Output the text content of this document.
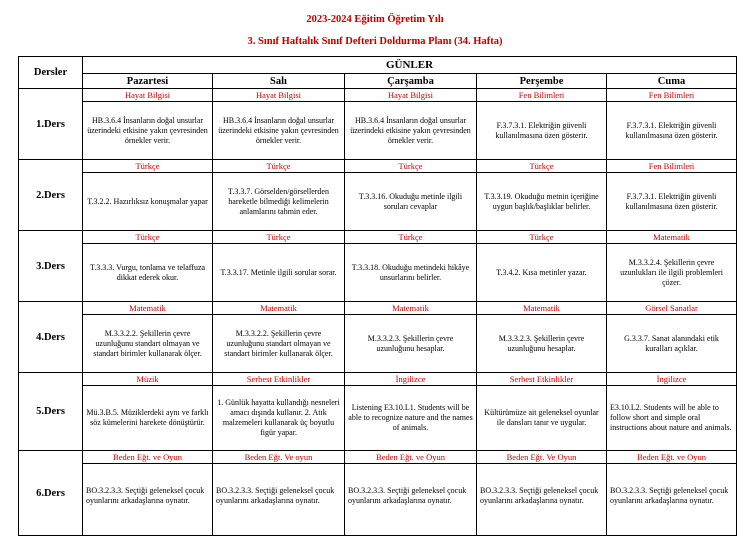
2023-2024 Eğitim Öğretim Yılı
3. Sınıf Haftalık Sınıf Defteri Doldurma Planı (34. Hafta)
Dersler	GÜNLER				
	Pazartesi	Salı	Çarşamba	Perşembe	Cuma
1.Ders	Hayat Bilgisi	Hayat Bilgisi	Hayat Bilgisi	Fen Bilimleri	Fen Bilimleri
	HB.3.6.4 İnsanların doğal unsurlar üzerindeki etkisine yakın çevresinden örnekler verir.	HB.3.6.4 İnsanların doğal unsurlar üzerindeki etkisine yakın çevresinden örnekler verir.	HB.3.6.4 İnsanların doğal unsurlar üzerindeki etkisine yakın çevresinden örnekler verir.	F.3.7.3.1. Elektriğin güvenli kullanılmasına özen gösterir.	F.3.7.3.1. Elektriğin güvenli kullanılmasına özen gösterir.
2.Ders	Türkçe	Türkçe	Türkçe	Türkçe	Fen Bilimleri
	T.3.2.2. Hazırlıksız konuşmalar yapar	T.3.3.7. Görselden/görsellerden hareketle bilmediği kelimelerin anlamlarını tahmin eder.	T.3.3.16. Okuduğu metinle ilgili soruları cevaplar	T.3.3.19. Okuduğu metnin içeriğine uygun başlık/başlıklar belirler.	F.3.7.3.1. Elektriğin güvenli kullanılmasına özen gösterir.
3.Ders	Türkçe	Türkçe	Türkçe	Türkçe	Matematik
	T.3.3.3. Vurgu, tonlama ve telaffuza dikkat ederek okur.	T.3.3.17. Metinle ilgili sorular sorar.	T.3.3.18. Okuduğu metindeki hikâye unsurlarını belirler.	T.3.4.2. Kısa metinler yazar.	M.3.3.2.4. Şekillerin çevre uzunlukları ile ilgili problemleri çözer.
4.Ders	Matematik	Matematik	Matematik	Matematik	Görsel Sanatlar
	M.3.3.2.2. Şekillerin çevre uzunluğunu standart olmayan ve standart birimler kullanarak ölçer.	M.3.3.2.2. Şekillerin çevre uzunluğunu standart olmayan ve standart birimler kullanarak ölçer.	M.3.3.2.3. Şekillerin çevre uzunluğunu hesaplar.	M.3.3.2.3. Şekillerin çevre uzunluğunu hesaplar.	G.3.3.7. Sanat alanındaki etik kuralları açıklar.
5.Ders	Müzik	Serbest Etkinlikler	İngilizce	Serbest Etkinlikler	İngilizce
	Mü.3.B.5. Müziklerdeki aynı ve farklı söz kümelerini harekete dönüştürür.	1. Günlük hayatta kullandığı nesneleri amacı dışında kullanır. 2. Atık malzemeleri kullanarak üç boyutlu figür yapar.	Listening E3.10.L1. Students will be able to recognize nature and the names of animals.	Kültürümüze ait geleneksel oyunlar ile dansları tanır ve uygular.	E3.10.L2. Students will be able to follow short and simple oral instructions about nature and animals.
6.Ders	Beden Eğt. ve Oyun	Beden Eğt. Ve oyun	Beden Eğt. ve Oyun	Beden Eğt. Ve Oyun	Beden Eğt. ve Oyun
	BO.3.2.3.3. Seçtiği geleneksel çocuk oyunlarını arkadaşlarına oynatır.	BO.3.2.3.3. Seçtiği geleneksel çocuk oyunlarını arkadaşlarına oynatır.	BO.3.2.3.3. Seçtiği geleneksel çocuk oyunlarını arkadaşlarına oynatır.	BO.3.2.3.3. Seçtiği geleneksel çocuk oyunlarını arkadaşlarına oynatır.	BO.3.2.3.3. Seçtiği geleneksel çocuk oyunlarını arkadaşlarına oynatır.
